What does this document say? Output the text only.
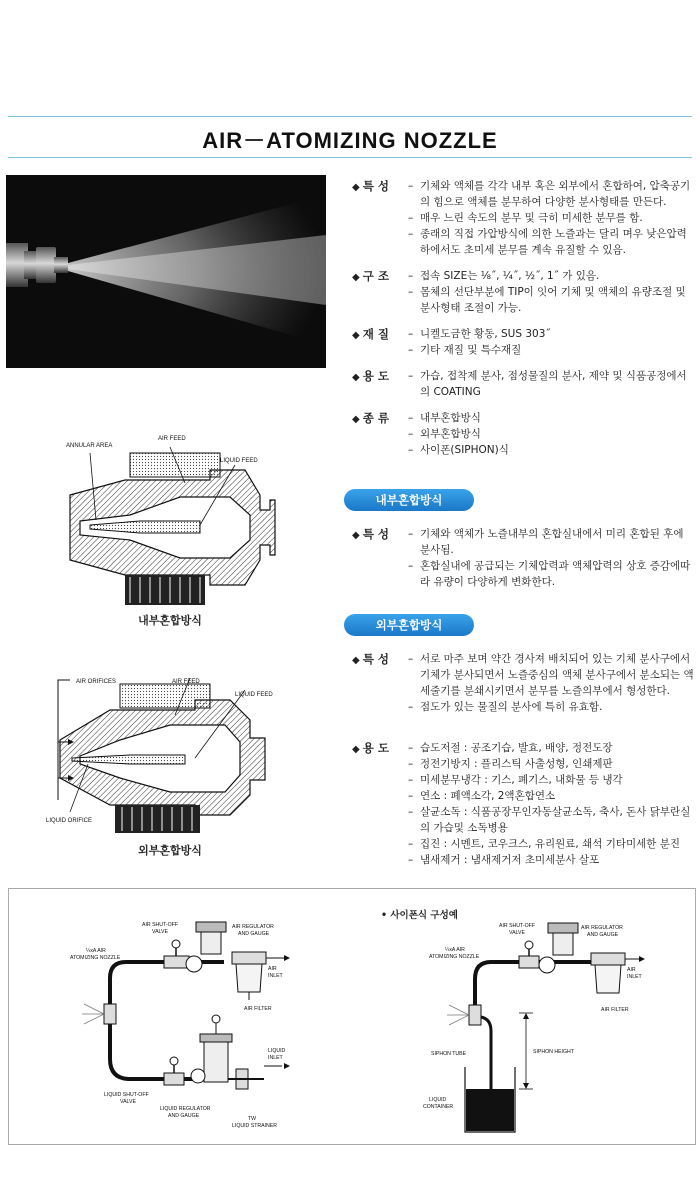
AIR－ATOMIZING NOZZLE
◆ 특 성	– 기체와 액체를 각각 내부 혹은 외부에서 혼합하여, 압축공기의 힘으로 액체를 분무하여 다양한 분사형태를 만든다.
– 매우 느린 속도의 분무 및 극히 미세한 분무를 함.
– 종래의 직접 가압방식에 의한 노즐과는 달리 며우 낮은압력하에서도 초미세 분무를 계속 유질할 수 있음.
◆ 구 조	– 접속 SIZE는 ⅛˝, ¼˝, ½˝, 1˝ 가 있음.
– 몸체의 선단부분에 TIP이 잇어 기체 및 액체의 유량조절 및 분사형태 조절이 가능.
◆ 재 질	– 니켈도금한 황동, SUS 303˝
– 기타 재질 및 특수재질
◆ 용 도	– 가습, 접착제 분사, 점성물질의 분사, 제약 및 식품공정에서의 COATING
◆ 종 류	– 내부혼합방식
– 외부혼합방식
– 사이폰(SIPHON)식
내부혼합방식
◆ 특 성	– 기체와 액체가 노즐내부의 혼합실내에서 미리 혼합된 후에 분사됨.
– 혼합실내에 공급되는 기체압력과 액체압력의 상호 증감에따라 유량이 다양하게 변화한다.
외부혼합방식
◆ 특 성	– 서로 마주 보며 약간 경사져 배치되어 있는 기체 분사구에서 기체가 분사되면서 노즐중심의 액체 분사구에서 분소되는 액세줄기를 분쇄시키면서 분무를 노즐의부에서 형성한다.
– 점도가 있는 물질의 분사에 특히 유효함.
◆ 용 도	– 습도저절 : 공조기습, 발효, 배양, 정전도장
– 정전기방지 : 플리스틱 사출성형, 인쇄제판
– 미세분무냉각 : 기스, 폐기스, 내화물 등 냉각
– 연소 : 폐액소각, 2액혼합연소
– 살균소독 : 식품공장무인자동살균소독, 축사, 돈사 닭부란실의 가습및 소독병용
– 집진 : 시멘트, 코우크스, 유리원료, 쇄석 기타미세한 분진
– 냄새제거 : 냄새제거저 초미세분사 살포
ANNULAR AREA
AIR FEED
LIQUID FEED
내부혼합방식
AIR ORIFICES	AIR FEED
LIQUID FEED
LIQUID ORIFICE
외부혼합방식
AIR SHUT-OFF
VALVE
AIR REGULATOR
AND GAUGE
¼xA AIR
ATOMIZING NOZZLE
AIR
INLET
AIR FILTER
LIQUID
INLET
LIQUID SHUT-OFF
VALVE
LIQUID REGULATOR
AND GAUGE	TW
LIQUID STRAINER
• 사이폰식 구성예
AIR SHUT-OFF
VALVE
AIR REGULATOR
AND GAUGE
¼xA AIR
ATOMIZING NOZZLE
AIR
INLET
AIR FILTER
SIPHON TUBE	SIPHON HEIGHT
LIQUID
CONTAINER
